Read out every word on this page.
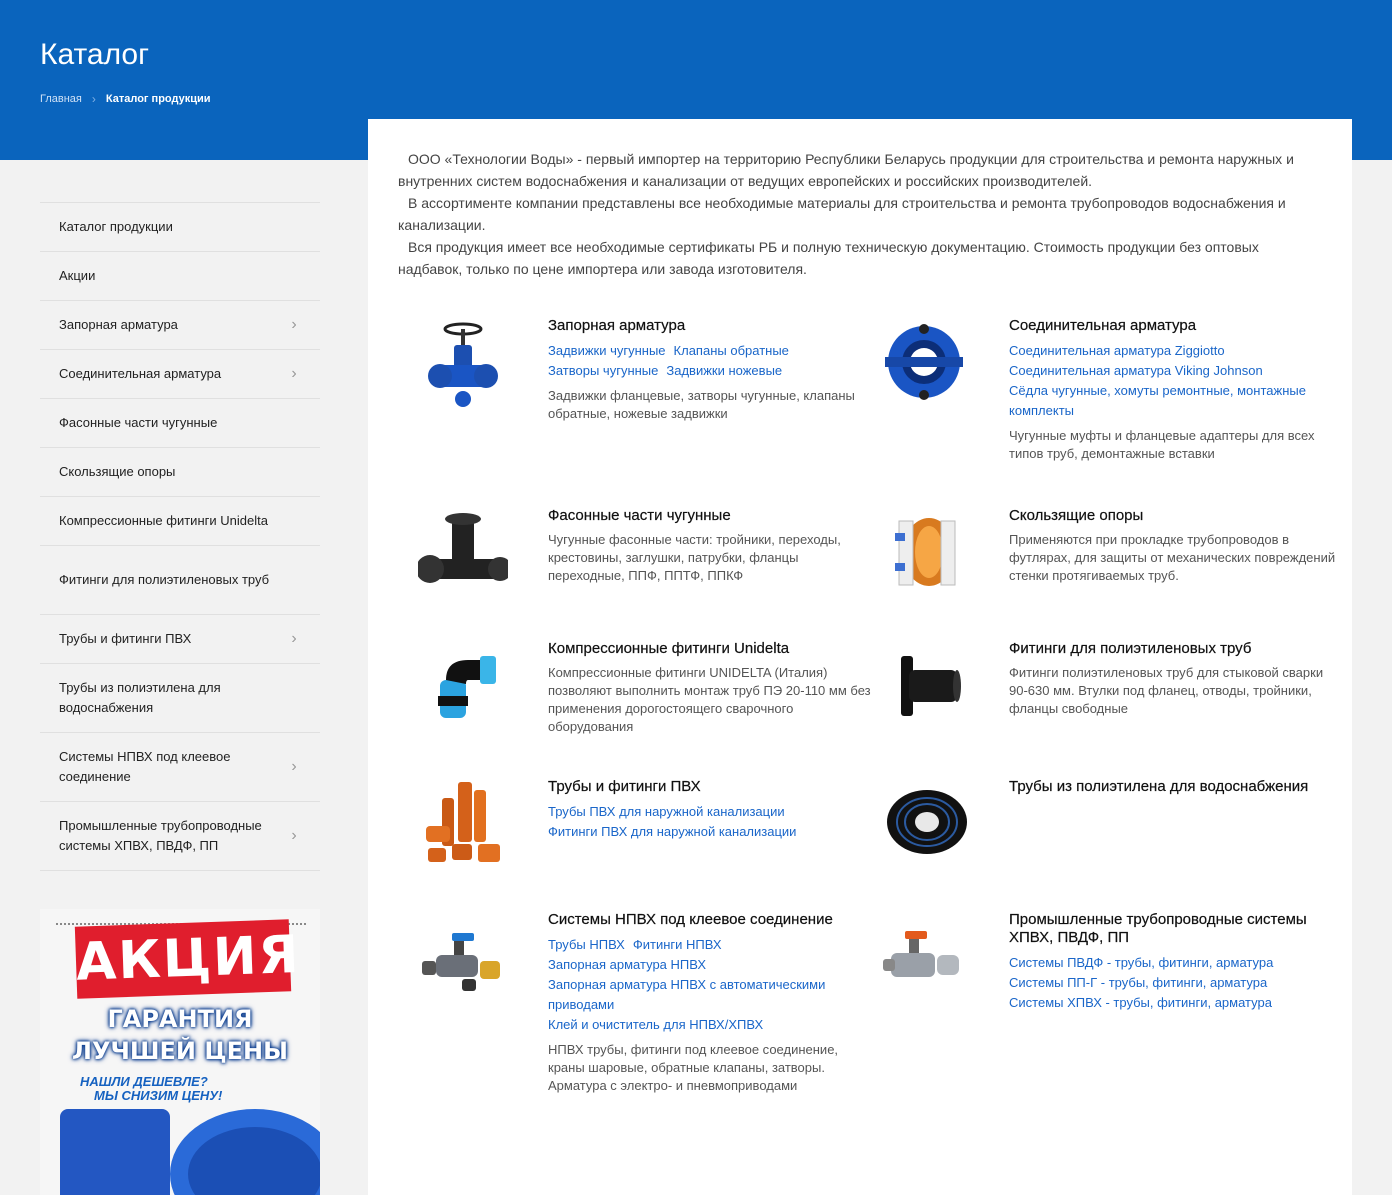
Каталог
Главная › Каталог продукции
Каталог продукции
Акции
Запорная арматура	›
Соединительная арматура	›
Фасонные части чугунные
Скользящие опоры
Компрессионные фитинги Unidelta
Фитинги для полиэтиленовых труб
Трубы и фитинги ПВХ	›
Трубы из полиэтилена для водоснабжения
Системы НПВХ под клеевое соединение
›
Промышленные трубопроводные системы ХПВХ, ПВДФ, ПП
›
АКЦИЯ
ГАРАНТИЯ
ЛУЧШЕЙ ЦЕНЫ
НАШЛИ ДЕШЕВЛЕ?
МЫ СНИЗИМ ЦЕНУ!

ООО «Технологии Воды» - первый импортер на территорию Республики Беларусь продукции для строительства и ремонта наружных и внутренних систем водоснабжения и канализации от ведущих европейских и российских производителей.

В ассортименте компании представлены все необходимые материалы для строительства и ремонта трубопроводов водоснабжения и канализации.

Вся продукция имеет все необходимые сертификаты РБ и полную техническую документацию. Стоимость продукции без оптовых надбавок, только по цене импортера или завода изготовителя.

Запорная арматура
Задвижки чугунные Клапаны обратные
Затворы чугунные Задвижки ножевые

Задвижки фланцевые, затворы чугунные, клапаны обратные, ножевые задвижки
Соединительная арматура
Соединительная арматура Ziggiotto
Соединительная арматура Viking Johnson
Сёдла чугунные, хомуты ремонтные, монтажные комплекты

Чугунные муфты и фланцевые адаптеры для всех типов труб, демонтажные вставки
Фасонные части чугунные
Чугунные фасонные части: тройники, переходы, крестовины, заглушки, патрубки, фланцы переходные, ППФ, ППТФ, ППКФ
Скользящие опоры
Применяются при прокладке трубопроводов в футлярах, для защиты от механических повреждений стенки протягиваемых труб.
Компрессионные фитинги Unidelta
Компрессионные фитинги UNIDELTA (Италия) позволяют выполнить монтаж труб ПЭ 20-110 мм без применения дорогостоящего сварочного оборудования
Фитинги для полиэтиленовых труб
Фитинги полиэтиленовых труб для стыковой сварки 90-630 мм. Втулки под фланец, отводы, тройники, фланцы свободные
Трубы и фитинги ПВХ
Трубы ПВХ для наружной канализации
Фитинги ПВХ для наружной канализации

Трубы из полиэтилена для водоснабжения
Системы НПВХ под клеевое соединение
Трубы НПВХ Фитинги НПВХ
Запорная арматура НПВХ
Запорная арматура НПВХ с автоматическими приводами
Клей и очиститель для НПВХ/ХПВХ

НПВХ трубы, фитинги под клеевое соединение, краны шаровые, обратные клапаны, затворы. Арматура с электро- и пневмоприводами
Промышленные трубопроводные системы ХПВХ, ПВДФ, ПП
Системы ПВДФ - трубы, фитинги, арматура
Системы ПП-Г - трубы, фитинги, арматура
Системы ХПВХ - трубы, фитинги, арматура
